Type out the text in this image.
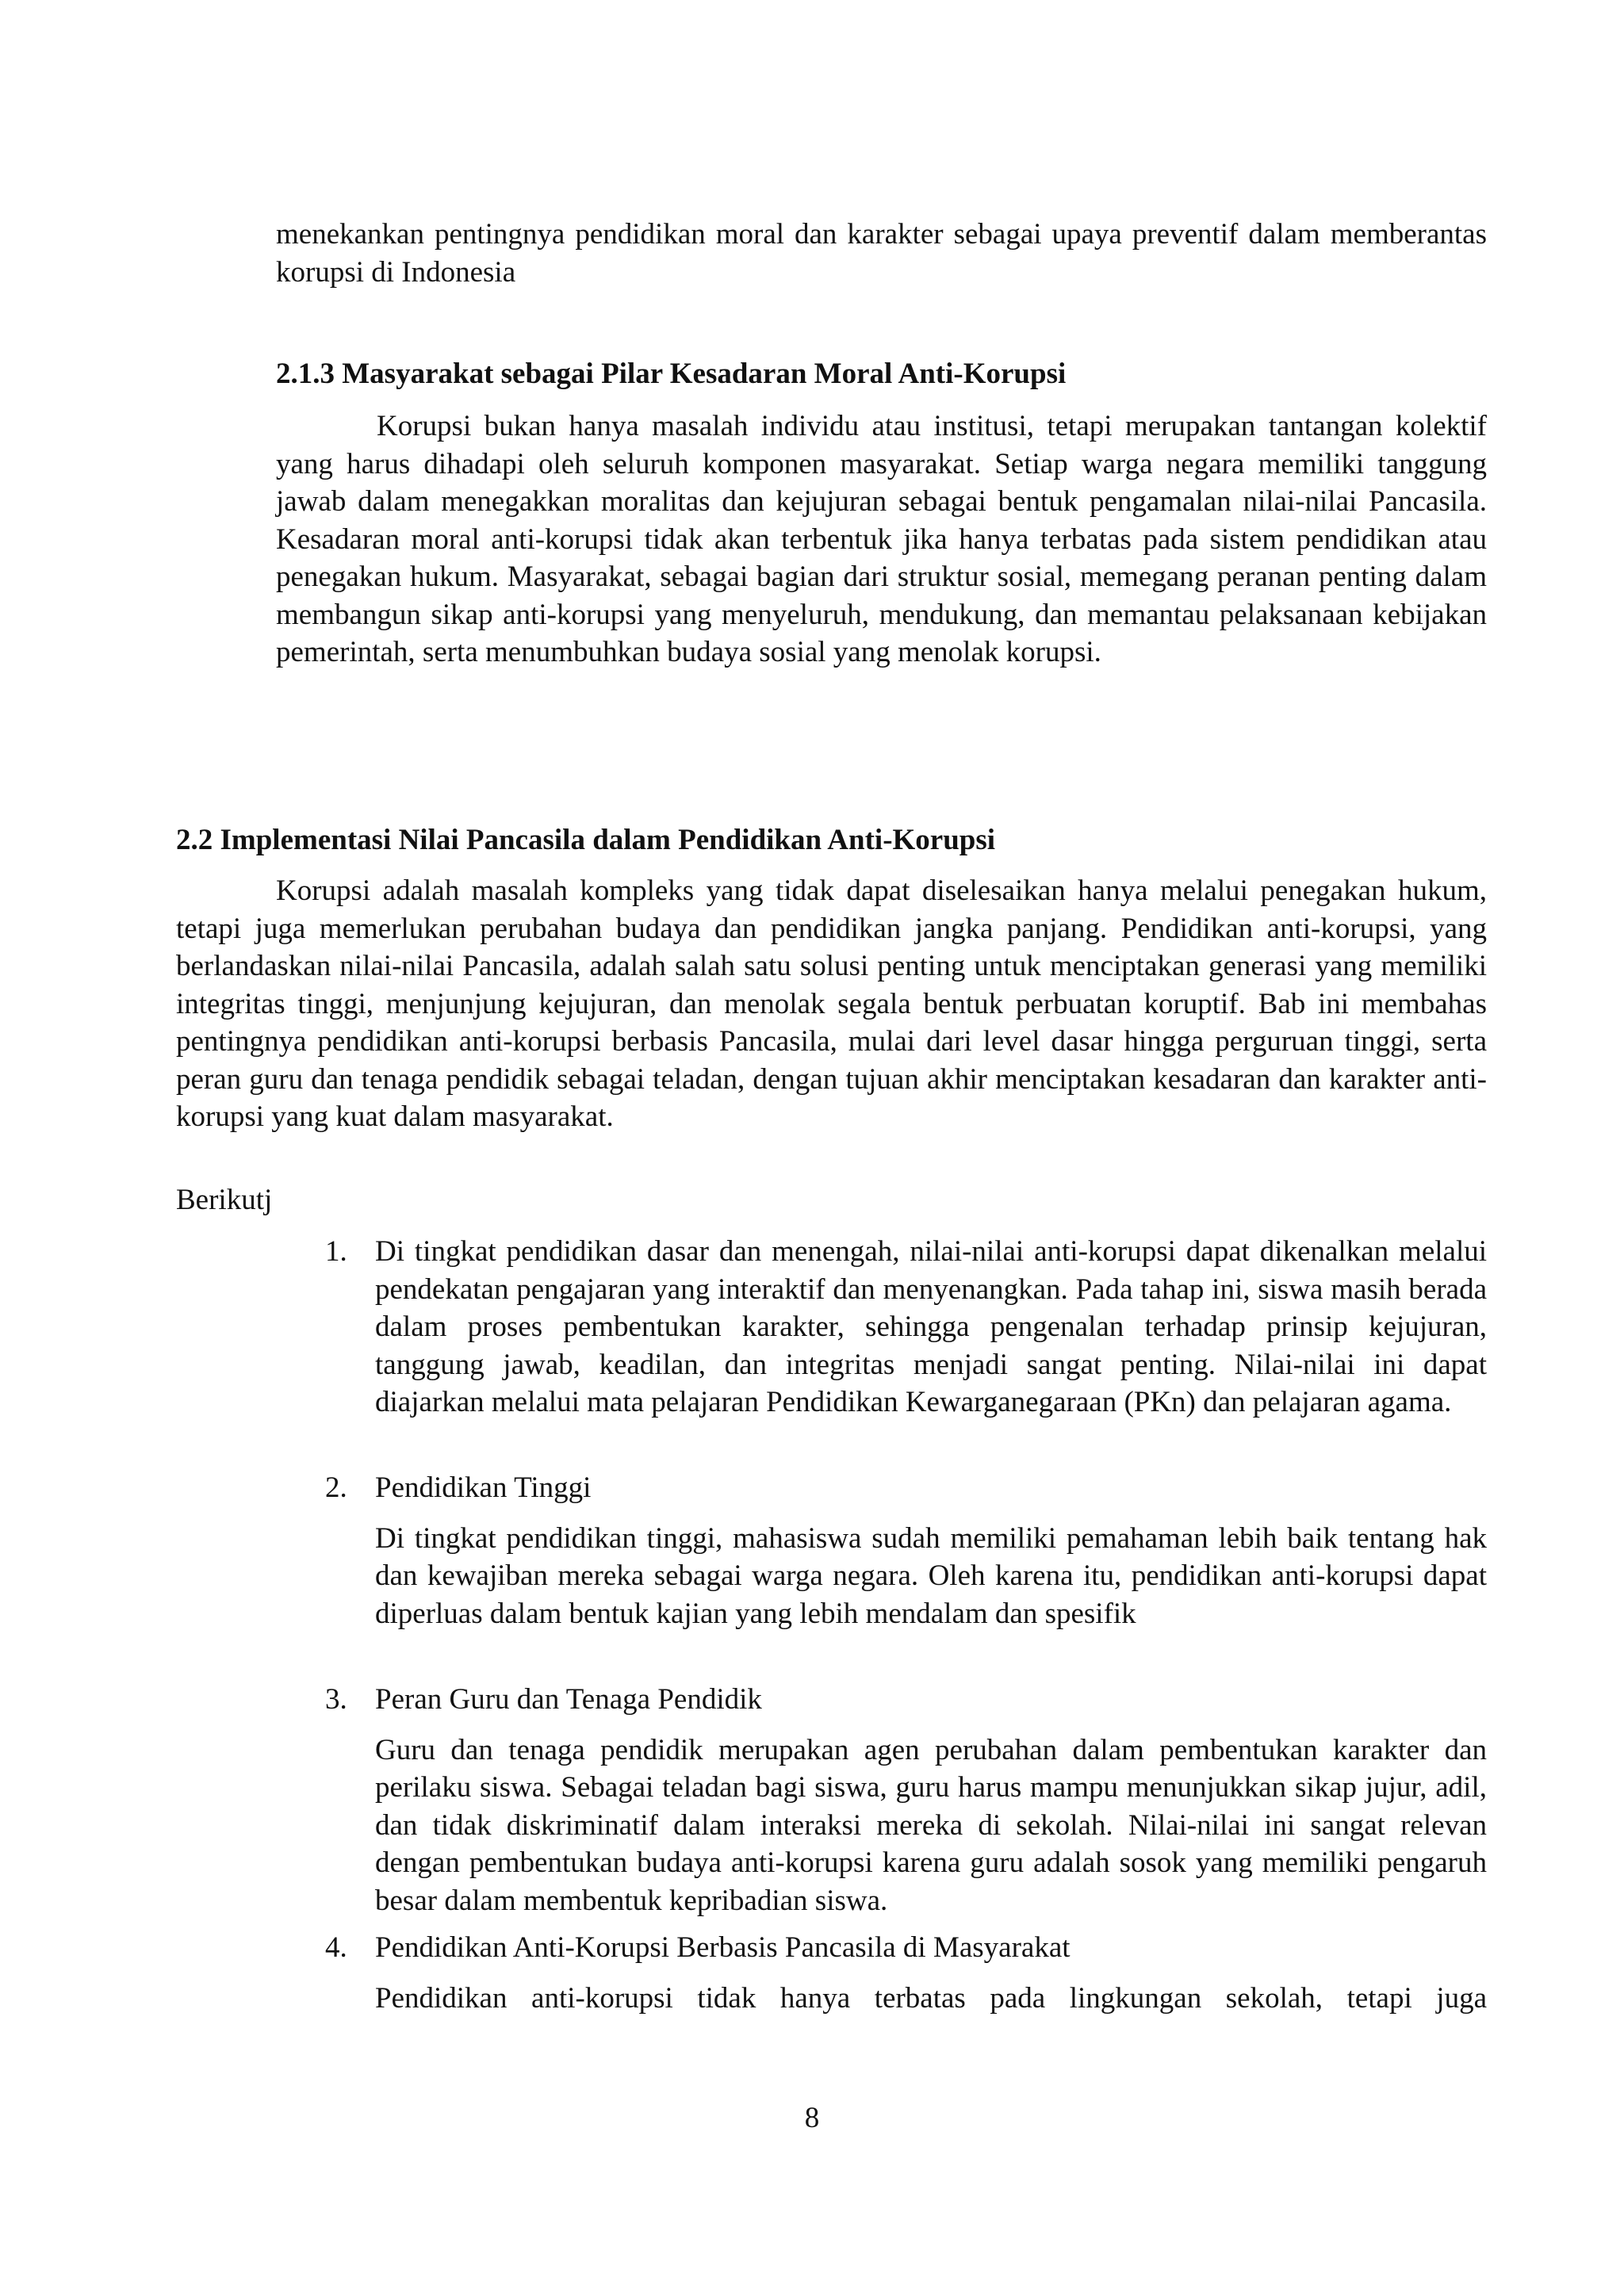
menekankan pentingnya pendidikan moral dan karakter sebagai upaya preventif dalam memberantas korupsi di Indonesia

2.1.3 Masyarakat sebagai Pilar Kesadaran Moral Anti-Korupsi

Korupsi bukan hanya masalah individu atau institusi, tetapi merupakan tantangan kolektif yang harus dihadapi oleh seluruh komponen masyarakat. Setiap warga negara memiliki tanggung jawab dalam menegakkan moralitas dan kejujuran sebagai bentuk pengamalan nilai-nilai Pancasila. Kesadaran moral anti-korupsi tidak akan terbentuk jika hanya terbatas pada sistem pendidikan atau penegakan hukum. Masyarakat, sebagai bagian dari struktur sosial, memegang peranan penting dalam membangun sikap anti-korupsi yang menyeluruh, mendukung, dan memantau pelaksanaan kebijakan pemerintah, serta menumbuhkan budaya sosial yang menolak korupsi.

2.2 Implementasi Nilai Pancasila dalam Pendidikan Anti-Korupsi

Korupsi adalah masalah kompleks yang tidak dapat diselesaikan hanya melalui penegakan hukum, tetapi juga memerlukan perubahan budaya dan pendidikan jangka panjang. Pendidikan anti-korupsi, yang berlandaskan nilai-nilai Pancasila, adalah salah satu solusi penting untuk menciptakan generasi yang memiliki integritas tinggi, menjunjung kejujuran, dan menolak segala bentuk perbuatan koruptif. Bab ini membahas pentingnya pendidikan anti-korupsi berbasis Pancasila, mulai dari level dasar hingga perguruan tinggi, serta peran guru dan tenaga pendidik sebagai teladan, dengan tujuan akhir menciptakan kesadaran dan karakter anti-korupsi yang kuat dalam masyarakat.

Berikutj

1. Di tingkat pendidikan dasar dan menengah, nilai-nilai anti-korupsi dapat dikenalkan melalui pendekatan pengajaran yang interaktif dan menyenangkan. Pada tahap ini, siswa masih berada dalam proses pembentukan karakter, sehingga pengenalan terhadap prinsip kejujuran, tanggung jawab, keadilan, dan integritas menjadi sangat penting. Nilai-nilai ini dapat diajarkan melalui mata pelajaran Pendidikan Kewarganegaraan (PKn) dan pelajaran agama.

2. Pendidikan Tinggi

Di tingkat pendidikan tinggi, mahasiswa sudah memiliki pemahaman lebih baik tentang hak dan kewajiban mereka sebagai warga negara. Oleh karena itu, pendidikan anti-korupsi dapat diperluas dalam bentuk kajian yang lebih mendalam dan spesifik

3. Peran Guru dan Tenaga Pendidik

Guru dan tenaga pendidik merupakan agen perubahan dalam pembentukan karakter dan perilaku siswa. Sebagai teladan bagi siswa, guru harus mampu menunjukkan sikap jujur, adil, dan tidak diskriminatif dalam interaksi mereka di sekolah. Nilai-nilai ini sangat relevan dengan pembentukan budaya anti-korupsi karena guru adalah sosok yang memiliki pengaruh besar dalam membentuk kepribadian siswa.

4. Pendidikan Anti-Korupsi Berbasis Pancasila di Masyarakat

Pendidikan anti-korupsi tidak hanya terbatas pada lingkungan sekolah, tetapi juga

8
